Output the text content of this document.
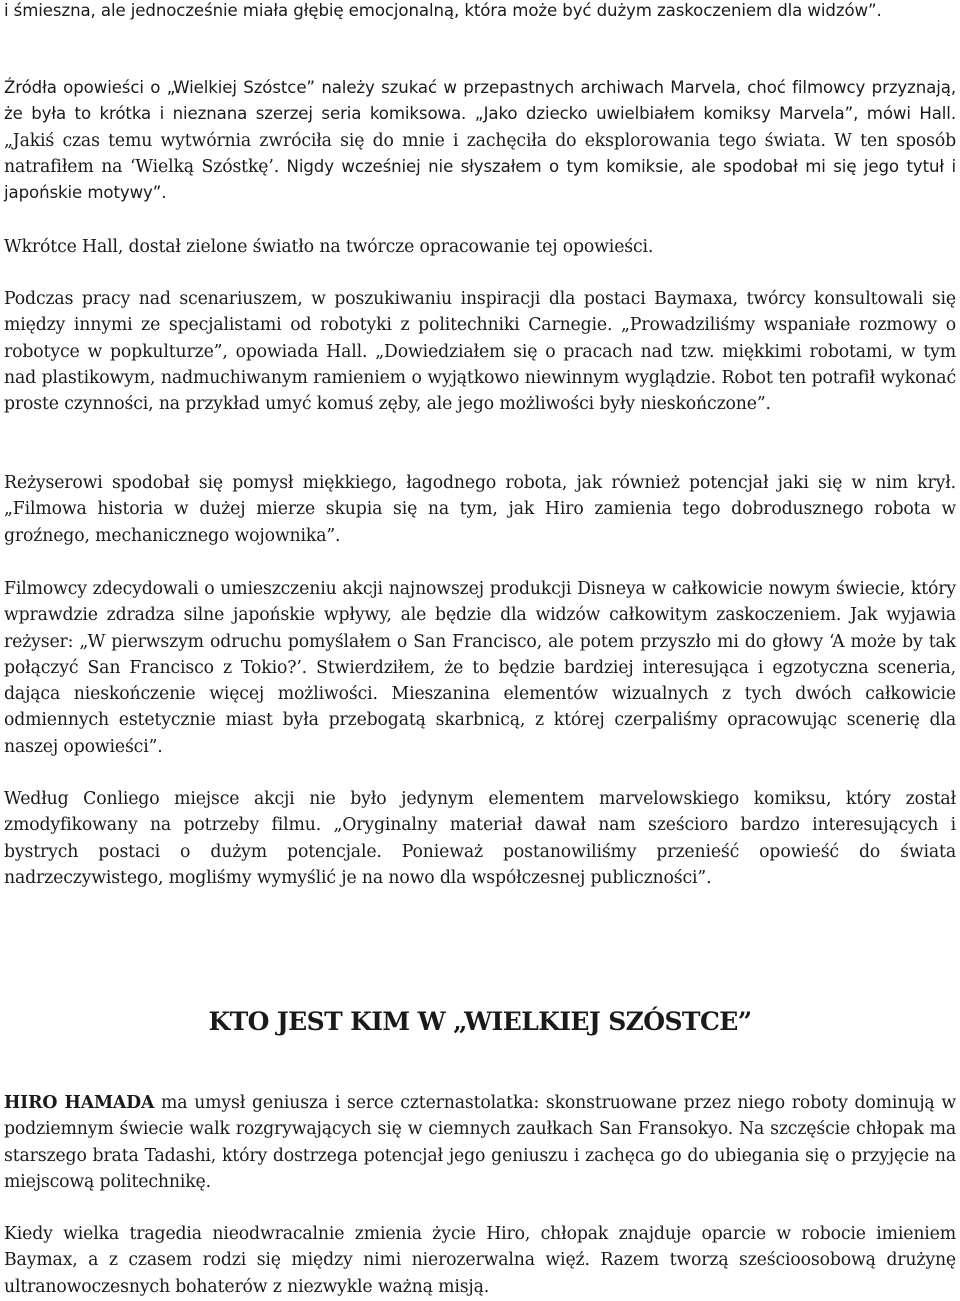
i śmieszna, ale jednocześnie miała głębię emocjonalną, która może być dużym zaskoczeniem dla widzów”.

Źródła opowieści o „Wielkiej Szóstce” należy szukać w przepastnych archiwach Marvela, choć filmowcy przyznają, że była to krótka i nieznana szerzej seria komiksowa. „Jako dziecko uwielbiałem komiksy Marvela”, mówi Hall. „Jakiś czas temu wytwórnia zwróciła się do mnie i zachęciła do eksplorowania tego świata. W ten sposób natrafiłem na ‘Wielką Szóstkę’. Nigdy wcześniej nie słyszałem o tym komiksie, ale spodobał mi się jego tytuł i japońskie motywy”.

Wkrótce Hall, dostał zielone światło na twórcze opracowanie tej opowieści.

Podczas pracy nad scenariuszem, w poszukiwaniu inspiracji dla postaci Baymaxa, twórcy konsultowali się między innymi ze specjalistami od robotyki z politechniki Carnegie. „Prowadziliśmy wspaniałe rozmowy o robotyce w popkulturze”, opowiada Hall. „Dowiedziałem się o pracach nad tzw. miękkimi robotami, w tym nad plastikowym, nadmuchiwanym ramieniem o wyjątkowo niewinnym wyglądzie. Robot ten potrafił wykonać proste czynności, na przykład umyć komuś zęby, ale jego możliwości były nieskończone”.

Reżyserowi spodobał się pomysł miękkiego, łagodnego robota, jak również potencjał jaki się w nim krył. „Filmowa historia w dużej mierze skupia się na tym, jak Hiro zamienia tego dobrodusznego robota w groźnego, mechanicznego wojownika”.

Filmowcy zdecydowali o umieszczeniu akcji najnowszej produkcji Disneya w całkowicie nowym świecie, który wprawdzie zdradza silne japońskie wpływy, ale będzie dla widzów całkowitym zaskoczeniem. Jak wyjawia reżyser: „W pierwszym odruchu pomyślałem o San Francisco, ale potem przyszło mi do głowy ‘A może by tak połączyć San Francisco z Tokio?’. Stwierdziłem, że to będzie bardziej interesująca i egzotyczna sceneria, dająca nieskończenie więcej możliwości. Mieszanina elementów wizualnych z tych dwóch całkowicie odmiennych estetycznie miast była przebogatą skarbnicą, z której czerpaliśmy opracowując scenerię dla naszej opowieści”.

Według Conliego miejsce akcji nie było jedynym elementem marvelowskiego komiksu, który został zmodyfikowany na potrzeby filmu. „Oryginalny materiał dawał nam sześcioro bardzo interesujących i bystrych postaci o dużym potencjale. Ponieważ postanowiliśmy przenieść opowieść do świata nadrzeczywistego, mogliśmy wymyślić je na nowo dla współczesnej publiczności”.

KTO JEST KIM W „WIELKIEJ SZÓSTCE”

HIRO HAMADA ma umysł geniusza i serce czternastolatka: skonstruowane przez niego roboty dominują w podziemnym świecie walk rozgrywających się w ciemnych zaułkach San Fransokyo. Na szczęście chłopak ma starszego brata Tadashi, który dostrzega potencjał jego geniuszu i zachęca go do ubiegania się o przyjęcie na miejscową politechnikę.

Kiedy wielka tragedia nieodwracalnie zmienia życie Hiro, chłopak znajduje oparcie w robocie imieniem Baymax, a z czasem rodzi się między nimi nierozerwalna więź. Razem tworzą sześcioosobową drużynę ultranowoczesnych bohaterów z niezwykle ważną misją.
